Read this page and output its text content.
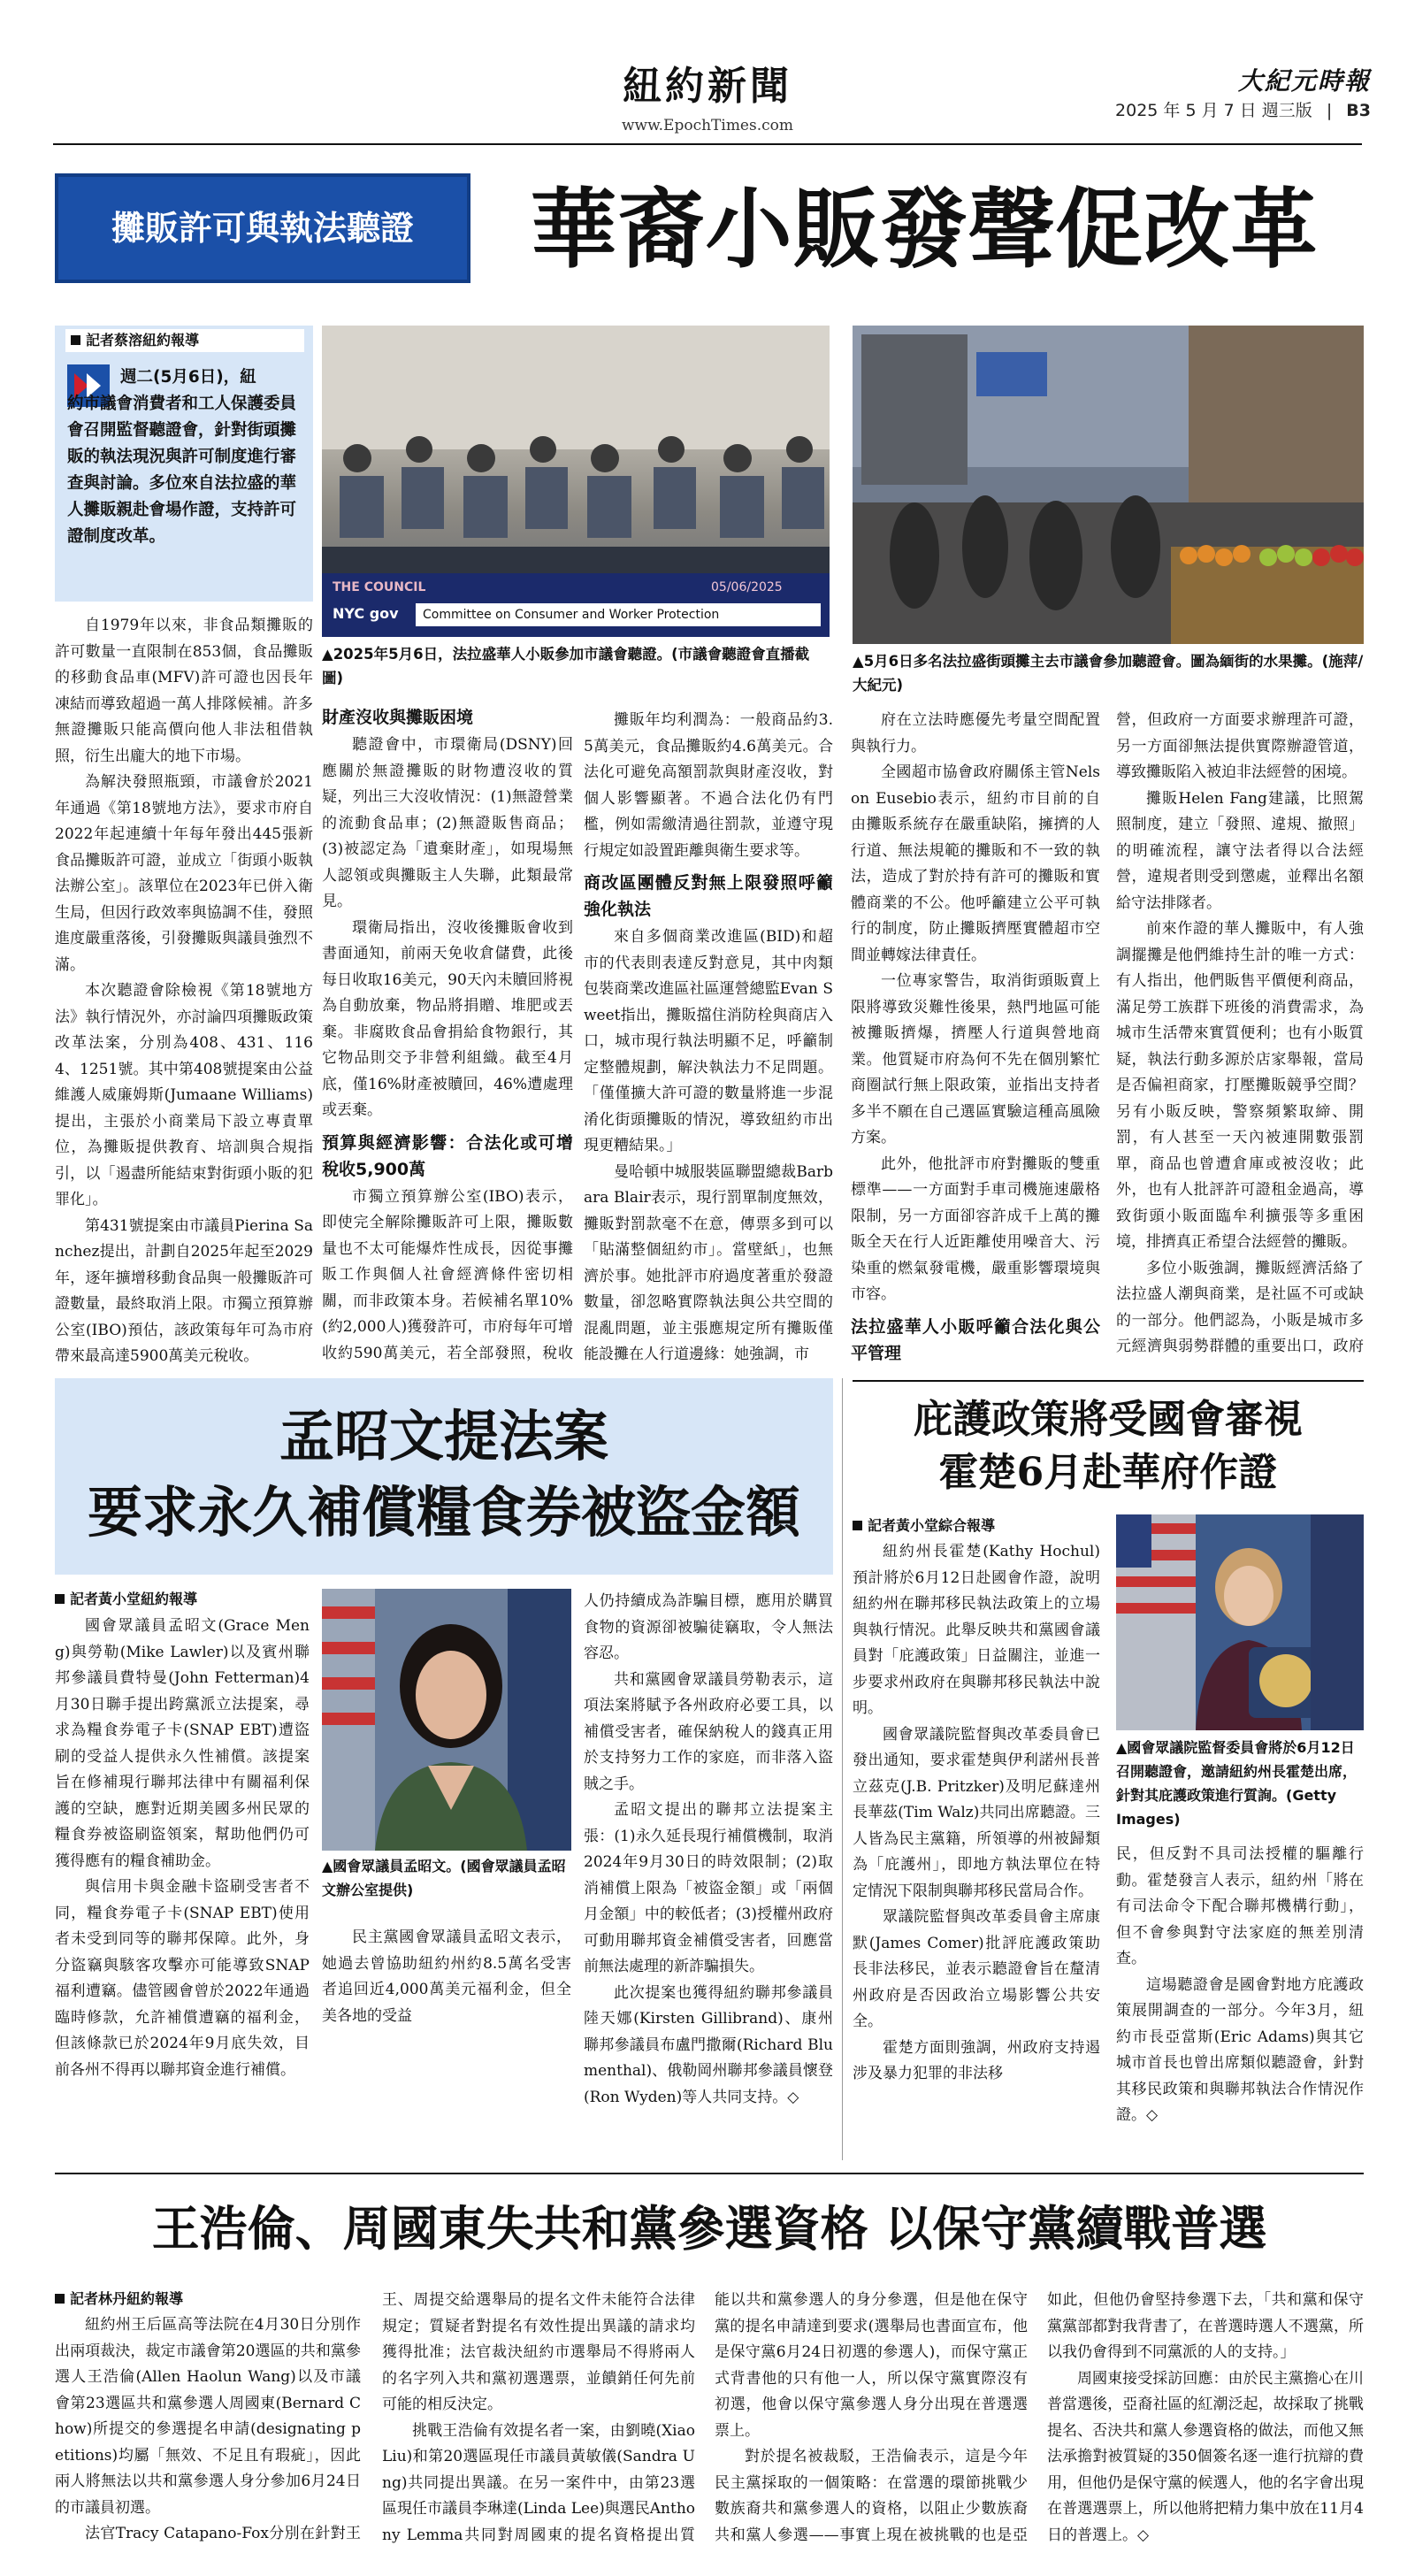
紐約新聞
www.EpochTimes.com
大紀元時報
2025 年 5 月 7 日 週三版 | B3
攤販許可與執法聽證	華裔小販發聲促改革
記者蔡溶紐約報導
週二(5月6日)，紐
約市議會消費者和工人保護委員會召開監督聽證會，針對街頭攤販的執法現況與許可制度進行審查與討論。多位來自法拉盛的華人攤販親赴會場作證，支持許可證制度改革。
THE COUNCIL	05/06/2025
NYC gov	Committee on Consumer and Worker Protection
▲2025年5月6日，法拉盛華人小販參加市議會聽證。(市議會聽證會直播截圖)
▲5月6日多名法拉盛街頭攤主去市議會參加聽證會。圖為緬街的水果攤。(施萍/大紀元)

自1979年以來，非食品類攤販的許可數量一直限制在853個，食品攤販的移動食品車(MFV)許可證也因長年凍結而導致超過一萬人排隊候補。許多無證攤販只能高價向他人非法租借執照，衍生出龐大的地下市場。

為解決發照瓶頸，市議會於2021年通過《第18號地方法》，要求市府自2022年起連續十年每年發出445張新食品攤販許可證，並成立「街頭小販執法辦公室」。該單位在2023年已併入衛生局，但因行政效率與協調不佳，發照進度嚴重落後，引發攤販與議員強烈不滿。

本次聽證會除檢視《第18號地方法》執行情況外，亦討論四項攤販政策改革法案，分別為408、431、1164、1251號。其中第408號提案由公益維護人威廉姆斯(Jumaane Williams)提出，主張於小商業局下設立專責單位，為攤販提供教育、培訓與合規指引，以「遏盡所能結束對街頭小販的犯罪化」。

第431號提案由市議員Pierina Sanchez提出，計劃自2025年起至2029年，逐年擴增移動食品與一般攤販許可證數量，最終取消上限。市獨立預算辦公室(IBO)預估，該政策每年可為市府帶來最高達5900萬美元稅收。

財產沒收與攤販困境

聽證會中，市環衛局(DSNY)回應關於無證攤販的財物遭沒收的質疑，列出三大沒收情況：(1)無證營業的流動食品車；(2)無證販售商品；(3)被認定為「遺棄財產」，如現場無人認領或與攤販主人失聯，此類最常見。

環衛局指出，沒收後攤販會收到書面通知，前兩天免收倉儲費，此後每日收取16美元，90天內未贖回將視為自動放棄，物品將捐贈、堆肥或丟棄。非腐敗食品會捐給食物銀行，其它物品則交予非營利組織。截至4月底，僅16%財產被贖回，46%遭處理或丟棄。

預算與經濟影響：合法化或可增稅收5,900萬

市獨立預算辦公室(IBO)表示，即使完全解除攤販許可上限，攤販數量也不太可能爆炸性成長，因從事攤販工作與個人社會經濟條件密切相關，而非政策本身。若候補名單10%(約2,000人)獲發許可，市府每年可增收約590萬美元，若全部發照，稅收

攤販年均利潤為：一般商品約3.5萬美元，食品攤販約4.6萬美元。合法化可避免高額罰款與財產沒收，對個人影響顯著。不過合法化仍有門檻，例如需繳清過往罰款，並遵守現行規定如設置距離與衛生要求等。

商改區團體反對無上限發照呼籲強化執法

來自多個商業改進區(BID)和超市的代表則表達反對意見，其中肉類包裝商業改進區社區運營總監Evan Sweet指出，攤販擋住消防栓與商店入口，城市現行執法明顯不足，呼籲制定整體規劃，解決執法力不足問題。「僅僅擴大許可證的數量將進一步混淆化街頭攤販的情況，導致紐約市出現更糟結果。」

曼哈頓中城服裝區聯盟總裁Barbara Blair表示，現行罰單制度無效，攤販對罰款毫不在意，傳票多到可以「貼滿整個紐約市」。當壁紙」，也無濟於事。她批評市府過度著重於發證數量，卻忽略實際執法與公共空間的混亂問題，並主張應規定所有攤販僅能設攤在人行道邊緣：她強調，市

府在立法時應優先考量空間配置與執行力。

全國超市協會政府關係主管Nelson Eusebio表示，紐約市目前的自由攤販系統存在嚴重缺陷，擁擠的人行道、無法規範的攤販和不一致的執法，造成了對於持有許可的攤販和實體商業的不公。他呼籲建立公平可執行的制度，防止攤販擠壓實體超市空間並轉嫁法律責任。

一位專家警告，取消街頭販賣上限將導致災難性後果，熱門地區可能被攤販擠爆，擠壓人行道與營地商業。他質疑市府為何不先在個別繁忙商圈試行無上限政策，並指出支持者多半不願在自己選區實驗這種高風險方案。

此外，他批評市府對攤販的雙重標準——一方面對手車司機施速嚴格限制，另一方面卻容許成千上萬的攤販全天在行人近距離使用噪音大、污染重的燃氣發電機，嚴重影響環境與市容。

法拉盛華人小販呼籲合法化與公平管理

營，但政府一方面要求辦理許可證，另一方面卻無法提供實際辦證管道，導致攤販陷入被迫非法經營的困境。

攤販Helen Fang建議，比照駕照制度，建立「發照、違規、撤照」的明確流程，讓守法者得以合法經營，違規者則受到懲處，並釋出名額給守法排隊者。

前來作證的華人攤販中，有人強調擺攤是他們維持生計的唯一方式：有人指出，他們販售平價便利商品，滿足勞工族群下班後的消費需求，為城市生活帶來實質便利；也有小販質疑，執法行動多源於店家舉報，當局是否偏袒商家，打壓攤販競爭空間？另有小販反映，警察頻繁取締、開罰，有人甚至一天內被連開數張罰單，商品也曾遭倉庫或被沒收；此外，也有人批評許可證租金過高，導致街頭小販面臨牟利擴張等多重困境，排擠真正希望合法經營的攤販。

多位小販強調，攤販經濟活絡了法拉盛人潮與商業，是社區不可或缺的一部分。他們認為，小販是城市多元經濟與弱勢群體的重要出口，政府

孟昭文提法案
要求永久補償糧食券被盜金額
記者黃小堂紐約報導

國會眾議員孟昭文(Grace Meng)與勞勒(Mike Lawler)以及賓州聯邦參議員費特曼(John Fetterman)4月30日聯手提出跨黨派立法提案，尋求為糧食券電子卡(SNAP EBT)遭盜刷的受益人提供永久性補償。該提案旨在修補現行聯邦法律中有關福利保護的空缺，應對近期美國多州民眾的糧食券被盜刷盜領案，幫助他們仍可獲得應有的糧食補助金。

與信用卡與金融卡盜刷受害者不同，糧食券電子卡(SNAP EBT)使用者未受到同等的聯邦保障。此外，身分盜竊與駭客攻擊亦可能導致SNAP福利遭竊。儘管國會曾於2022年通過臨時修款，允許補償遭竊的福利金，但該條款已於2024年9月底失效，目前各州不得再以聯邦資金進行補償。

▲國會眾議員孟昭文。(國會眾議員孟昭文辦公室提供)

民主黨國會眾議員孟昭文表示，她過去曾協助紐約州約8.5萬名受害者追回近4,000萬美元福利金，但全美各地的受益

人仍持續成為詐騙目標，應用於購買食物的資源卻被騙徒竊取，令人無法容忍。

共和黨國會眾議員勞勒表示，這項法案將賦予各州政府必要工具，以補償受害者，確保納稅人的錢真正用於支持努力工作的家庭，而非落入盜賊之手。

孟昭文提出的聯邦立法提案主張：(1)永久延長現行補償機制，取消2024年9月30日的時效限制；(2)取消補償上限為「被盜金額」或「兩個月金額」中的較低者；(3)授權州政府可動用聯邦資金補償受害者，回應當前無法處理的新詐騙損失。

此次提案也獲得紐約聯邦參議員陸天娜(Kirsten Gillibrand)、康州聯邦參議員布盧門撒爾(Richard Blumenthal)、俄勒岡州聯邦參議員懷登(Ron Wyden)等人共同支持。◇

庇護政策將受國會審視
霍楚6月赴華府作證
記者黃小堂綜合報導

紐約州長霍楚(Kathy Hochul)預計將於6月12日赴國會作證，說明紐約州在聯邦移民執法政策上的立場與執行情況。此舉反映共和黨國會議員對「庇護政策」日益關注，並進一步要求州政府在與聯邦移民執法中說明。

國會眾議院監督與改革委員會已發出通知，要求霍楚與伊利諾州長普立茲克(J.B. Pritzker)及明尼蘇達州長華茲(Tim Walz)共同出席聽證。三人皆為民主黨籍，所領導的州被歸類為「庇護州」，即地方執法單位在特定情況下限制與聯邦移民當局合作。

眾議院監督與改革委員會主席康默(James Comer)批評庇護政策助長非法移民，並表示聽證會旨在釐清州政府是否因政治立場影響公共安全。

霍楚方面則強調，州政府支持遏涉及暴力犯罪的非法移

▲國會眾議院監督委員會將於6月12日召開聽證會，邀請紐約州長霍楚出席，針對其庇護政策進行質詢。(Getty Images)

民，但反對不具司法授權的驅離行動。霍楚發言人表示，紐約州「將在有司法命令下配合聯邦機構行動」，但不會參與對守法家庭的無差別清查。

這場聽證會是國會對地方庇護政策展開調查的一部分。今年3月，紐約市長亞當斯(Eric Adams)與其它城市首長也曾出席類似聽證會，針對其移民政策和與聯邦執法合作情況作證。◇

王浩倫、周國東失共和黨參選資格 以保守黨續戰普選
記者林丹紐約報導

紐約州王后區高等法院在4月30日分別作出兩項裁決，裁定市議會第20選區的共和黨參選人王浩倫(Allen Haolun Wang)以及市議會第23選區共和黨參選人周國東(Bernard Chow)所提交的參選提名申請(designating petitions)均屬「無效、不足且有瑕疵」，因此兩人將無法以共和黨參選人身分參加6月24日的市議員初選。

法官Tracy Catapano-Fox分別在針對王

王、周提交給選舉局的提名文件未能符合法律規定；質疑者對提名有效性提出異議的請求均獲得批准；法官裁決紐約市選舉局不得將兩人的名字列入共和黨初選選票，並饋銷任何先前可能的相反決定。

挑戰王浩倫有效提名者一案，由劉曉(Xiao Liu)和第20選區現任市議員黃敏儀(Sandra Ung)共同提出異議。在另一案件中，由第23選區現任市議員李琳達(Linda Lee)與選民Anthony Lemma共同對周國東的提名資格提出質

能以共和黨參選人的身分參選，但是他在保守黨的提名申請達到要求(選舉局也書面宣布，他是保守黨6月24日初選的參選人)，而保守黨正式背書他的只有他一人，所以保守黨實際沒有初選，他會以保守黨參選人身分出現在普選選票上。

對於提名被裁駁，王浩倫表示，這是今年民主黨採取的一個策略：在當選的環節挑戰少數族裔共和黨參選人的資格，以阻止少數族裔共和黨人參選——事實上現在被挑戰的也是亞

如此，但他仍會堅持參選下去，「共和黨和保守黨黨部都對我背書了，在普選時選人不選黨，所以我仍會得到不同黨派的人的支持。」

周國東接受採訪回應：由於民主黨擔心在川普當選後，亞裔社區的紅潮泛起，故採取了挑戰提名、否決共和黨人參選資格的做法，而他又無法承擔對被質疑的350個簽名逐一進行抗辯的費用，但他仍是保守黨的候選人，他的名字會出現在普選選票上，所以他將把精力集中放在11月4日的普選上。◇
